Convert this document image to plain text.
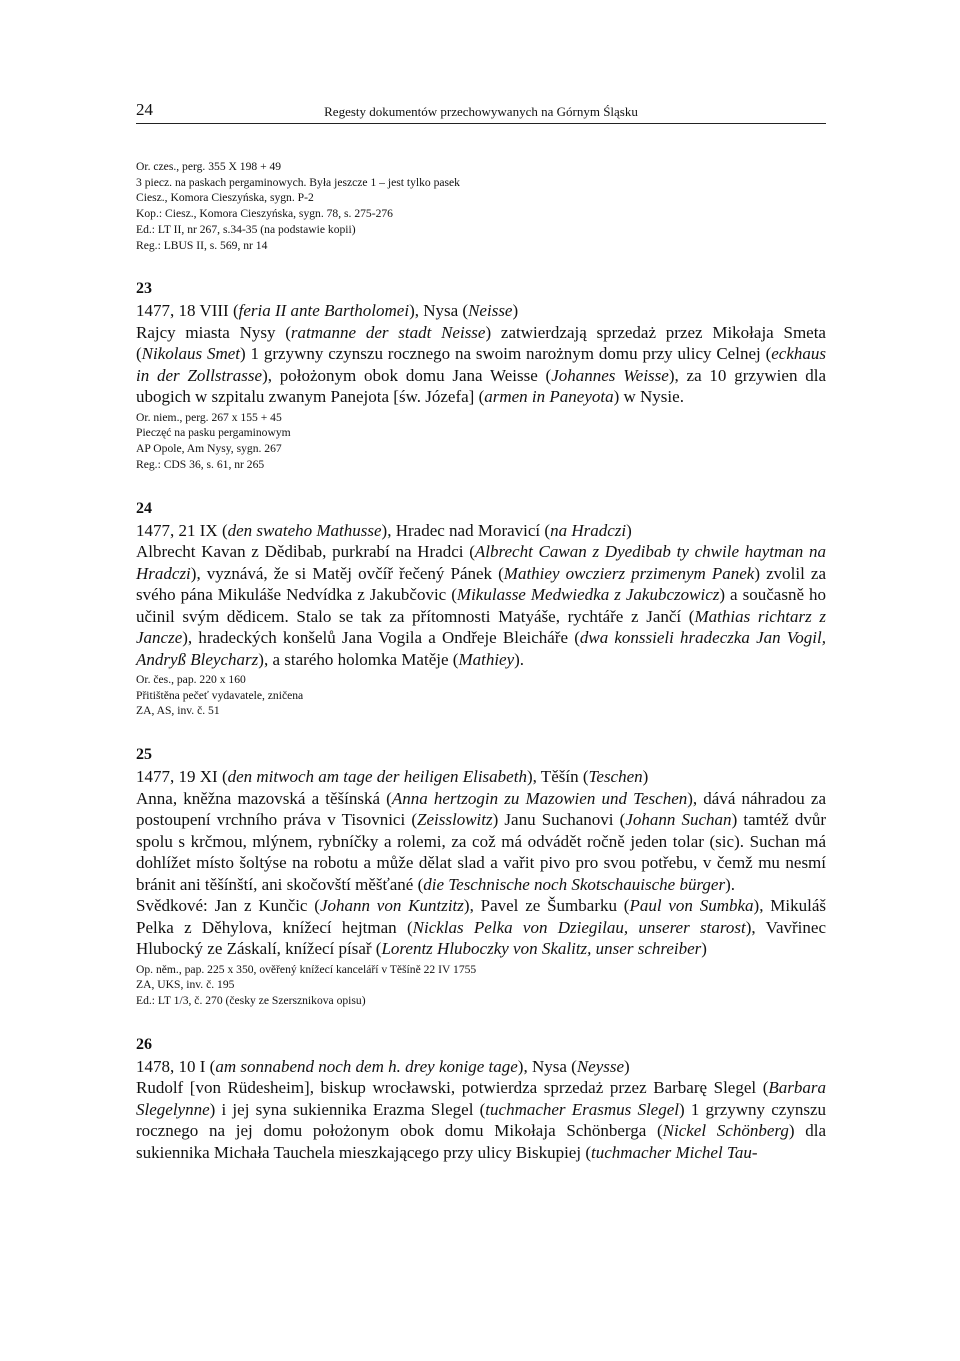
24	Regesty dokumentów przechowywanych na Górnym Śląsku
Or. czes., perg. 355 X 198 + 49
3 piecz. na paskach pergaminowych. Była jeszcze 1 – jest tylko pasek
Ciesz., Komora Cieszyńska, sygn. P-2
Kop.: Ciesz., Komora Cieszyńska, sygn. 78, s. 275-276
Ed.: LT II, nr 267, s.34-35 (na podstawie kopii)
Reg.: LBUS II, s. 569, nr 14
23
1477, 18 VIII (feria II ante Bartholomei), Nysa (Neisse)

Rajcy miasta Nysy (ratmanne der stadt Neisse) zatwierdzają sprzedaż przez Mikołaja Smeta (Nikolaus Smet) 1 grzywny czynszu rocznego na swoim narożnym domu przy ulicy Celnej (eckhaus in der Zollstrasse), położonym obok domu Jana Weisse (Johannes Weisse), za 10 grzywien dla ubogich w szpitalu zwanym Panejota [św. Józefa] (armen in Paneyota) w Nysie.

Or. niem., perg. 267 x 155 + 45
Pieczęć na pasku pergaminowym
AP Opole, Am Nysy, sygn. 267
Reg.: CDS 36, s. 61, nr 265
24
1477, 21 IX (den swateho Mathusse), Hradec nad Moravicí (na Hradczi)

Albrecht Kavan z Dědibab, purkrabí na Hradci (Albrecht Cawan z Dyedibab ty chwile haytman na Hradczi), vyznává, že si Matěj ovčíř řečený Pánek (Mathiey owczierz przimenym Panek) zvolil za svého pána Mikuláše Nedvídka z Jakubčovic (Mikulasse Medwiedka z Jakubczowicz) a současně ho učinil svým dědicem. Stalo se tak za přítomnosti Matyáše, rychtáře z Jančí (Mathias richtarz z Jancze), hradeckých konšelů Jana Vogila a Ondřeje Bleicháře (dwa konssieli hradeczka Jan Vogil, Andryß Bleycharz), a starého holomka Matěje (Mathiey).

Or. čes., pap. 220 x 160
Přitištěna pečeť vydavatele, zničena
ZA, AS, inv. č. 51
25
1477, 19 XI (den mitwoch am tage der heiligen Elisabeth), Těšín (Teschen)

Anna, kněžna mazovská a těšínská (Anna hertzogin zu Mazowien und Teschen), dává náhradou za postoupení vrchního práva v Tisovnici (Zeisslowitz) Janu Suchanovi (Johann Suchan) tamtéž dvůr spolu s krčmou, mlýnem, rybníčky a rolemi, za což má odvádět ročně jeden tolar (sic). Suchan má dohlížet místo šoltýse na robotu a může dělat slad a vařit pivo pro svou potřebu, v čemž mu nesmí bránit ani těšínští, ani skočovští měšťané (die Teschnische noch Skotschauische bürger).

Svědkové: Jan z Kunčic (Johann von Kuntzitz), Pavel ze Šumbarku (Paul von Sumbka), Mikuláš Pelka z Děhylova, knížecí hejtman (Nicklas Pelka von Dziegilau, unserer starost), Vavřinec Hlubocký ze Záskalí, knížecí písař (Lorentz Hluboczky von Skalitz, unser schreiber)

Op. něm., pap. 225 x 350, ověřený knížecí kanceláří v Těšíně 22 IV 1755
ZA, UKS, inv. č. 195
Ed.: LT 1/3, č. 270 (česky ze Szersznikova opisu)
26
1478, 10 I (am sonnabend noch dem h. drey konige tage), Nysa (Neysse)

Rudolf [von Rüdesheim], biskup wrocławski, potwierdza sprzedaż przez Barbarę Slegel (Barbara Slegelynne) i jej syna sukiennika Erazma Slegel (tuchmacher Erasmus Slegel) 1 grzywny czynszu rocznego na jej domu położonym obok domu Mikołaja Schönberga (Nickel Schönberg) dla sukiennika Michała Tauchela mieszkającego przy ulicy Biskupiej (tuchmacher Michel Tau-
